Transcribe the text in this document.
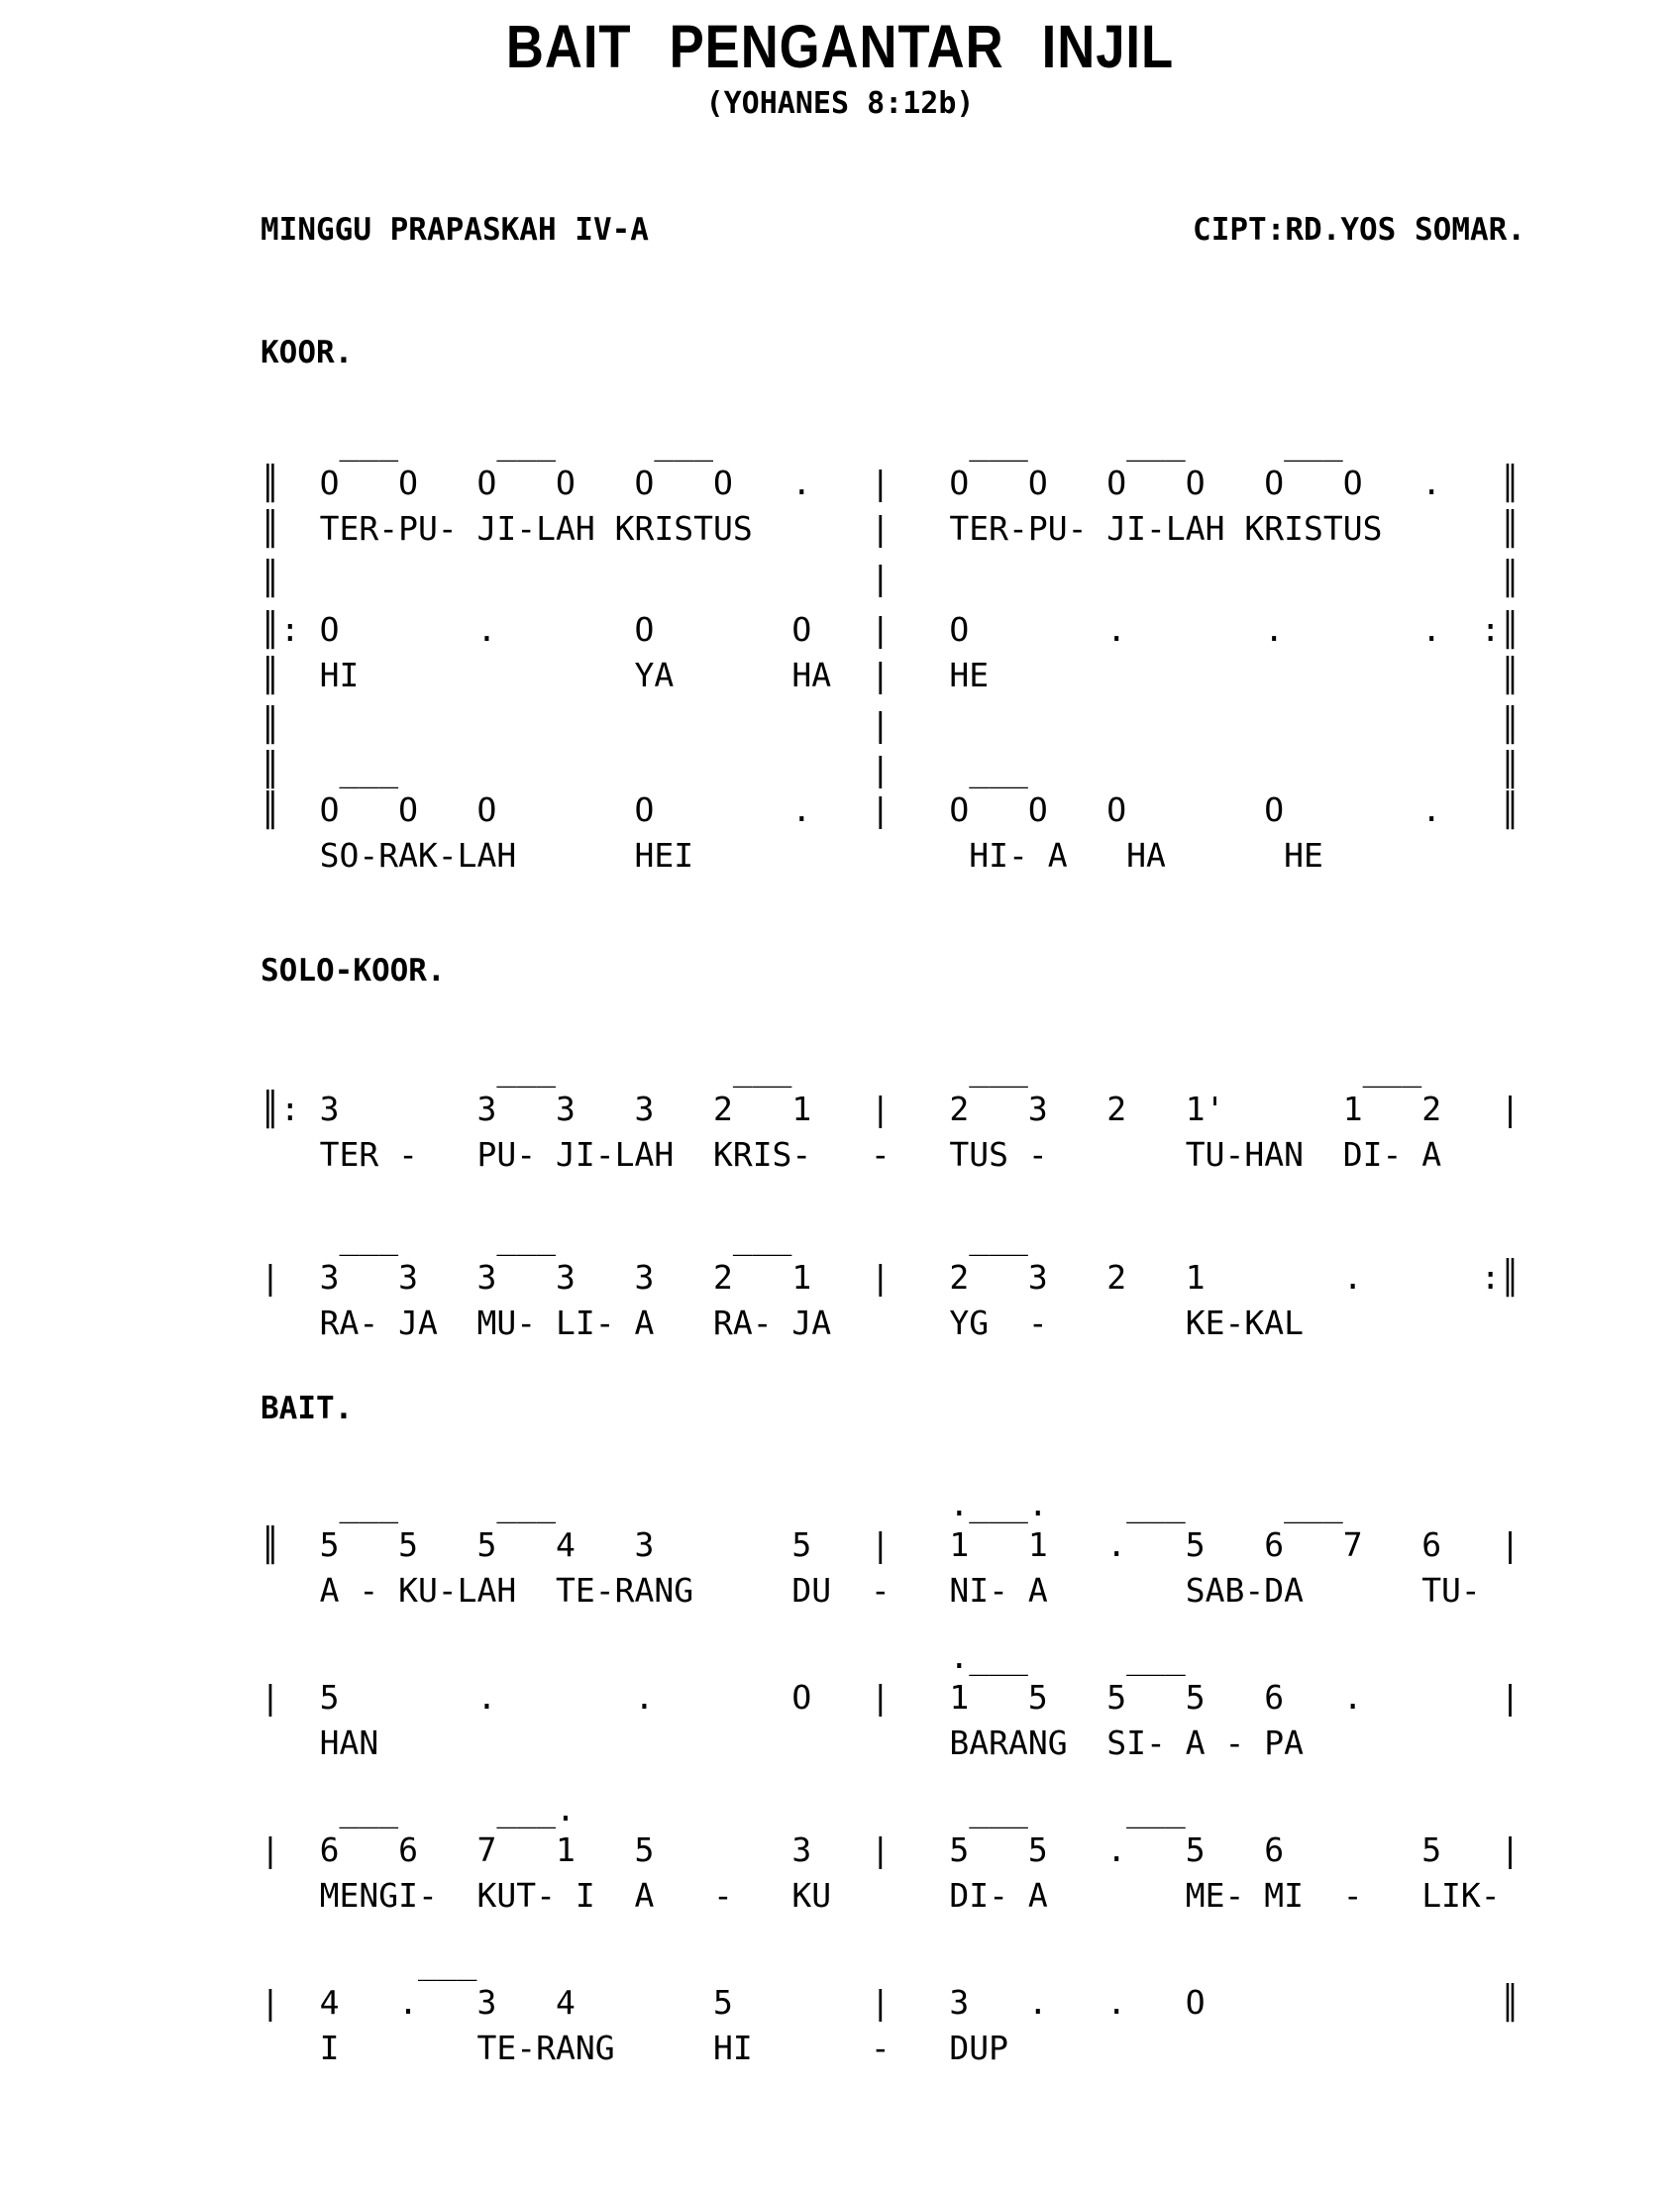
BAIT PENGANTAR INJIL
(YOHANES 8:12b)
MINGGU PRAPASKAH IV-A	CIPT:RD.YOS SOMAR.
KOOR.
___     ___     ___             ___     ___     ___
║  O   O   O   O   O   O   .   |   O   O   O   O   O   O   .   ║
║  TER-PU- JI-LAH KRISTUS      |   TER-PU- JI-LAH KRISTUS      ║
║                              |                               ║
║: O       .       O       O   |   O       .       .       .  :║
║  HI              YA      HA  |   HE                          ║
║                              |                               ║
║   ___                        |    ___                        ║
║  O   O   O       O       .   |   O   O   O       O       .   ║
SO-RAK-LAH      HEI              HI- A   HA      HE
SOLO-KOOR.
___         ___         ___                 ___
║: 3       3   3   3   2   1   |   2   3   2   1'      1   2   |
TER -   PU- JI-LAH  KRIS-   -   TUS -       TU-HAN  DI- A
___     ___         ___         ___
|  3   3   3   3   3   2   1   |   2   3   2   1       .      :║
RA- JA  MU- LI- A   RA- JA      YG  -       KE-KAL
BAIT.
___     ___                    .___.    ___     ___
║  5   5   5   4   3       5   |   1   1   .   5   6   7   6   |
A - KU-LAH  TE-RANG     DU  -   NI- A       SAB-DA      TU-
.___     ___
|  5       .       .       O   |   1   5   5   5   6   .       |
HAN                             BARANG  SI- A - PA
___     ___.                    ___     ___
|  6   6   7   1   5       3   |   5   5   .   5   6       5   |
MENGI-  KUT- I  A   -   KU      DI- A       ME- MI  -   LIK-
___
|  4   .   3   4       5       |   3   .   .   O               ║
I       TE-RANG     HI      -   DUP
